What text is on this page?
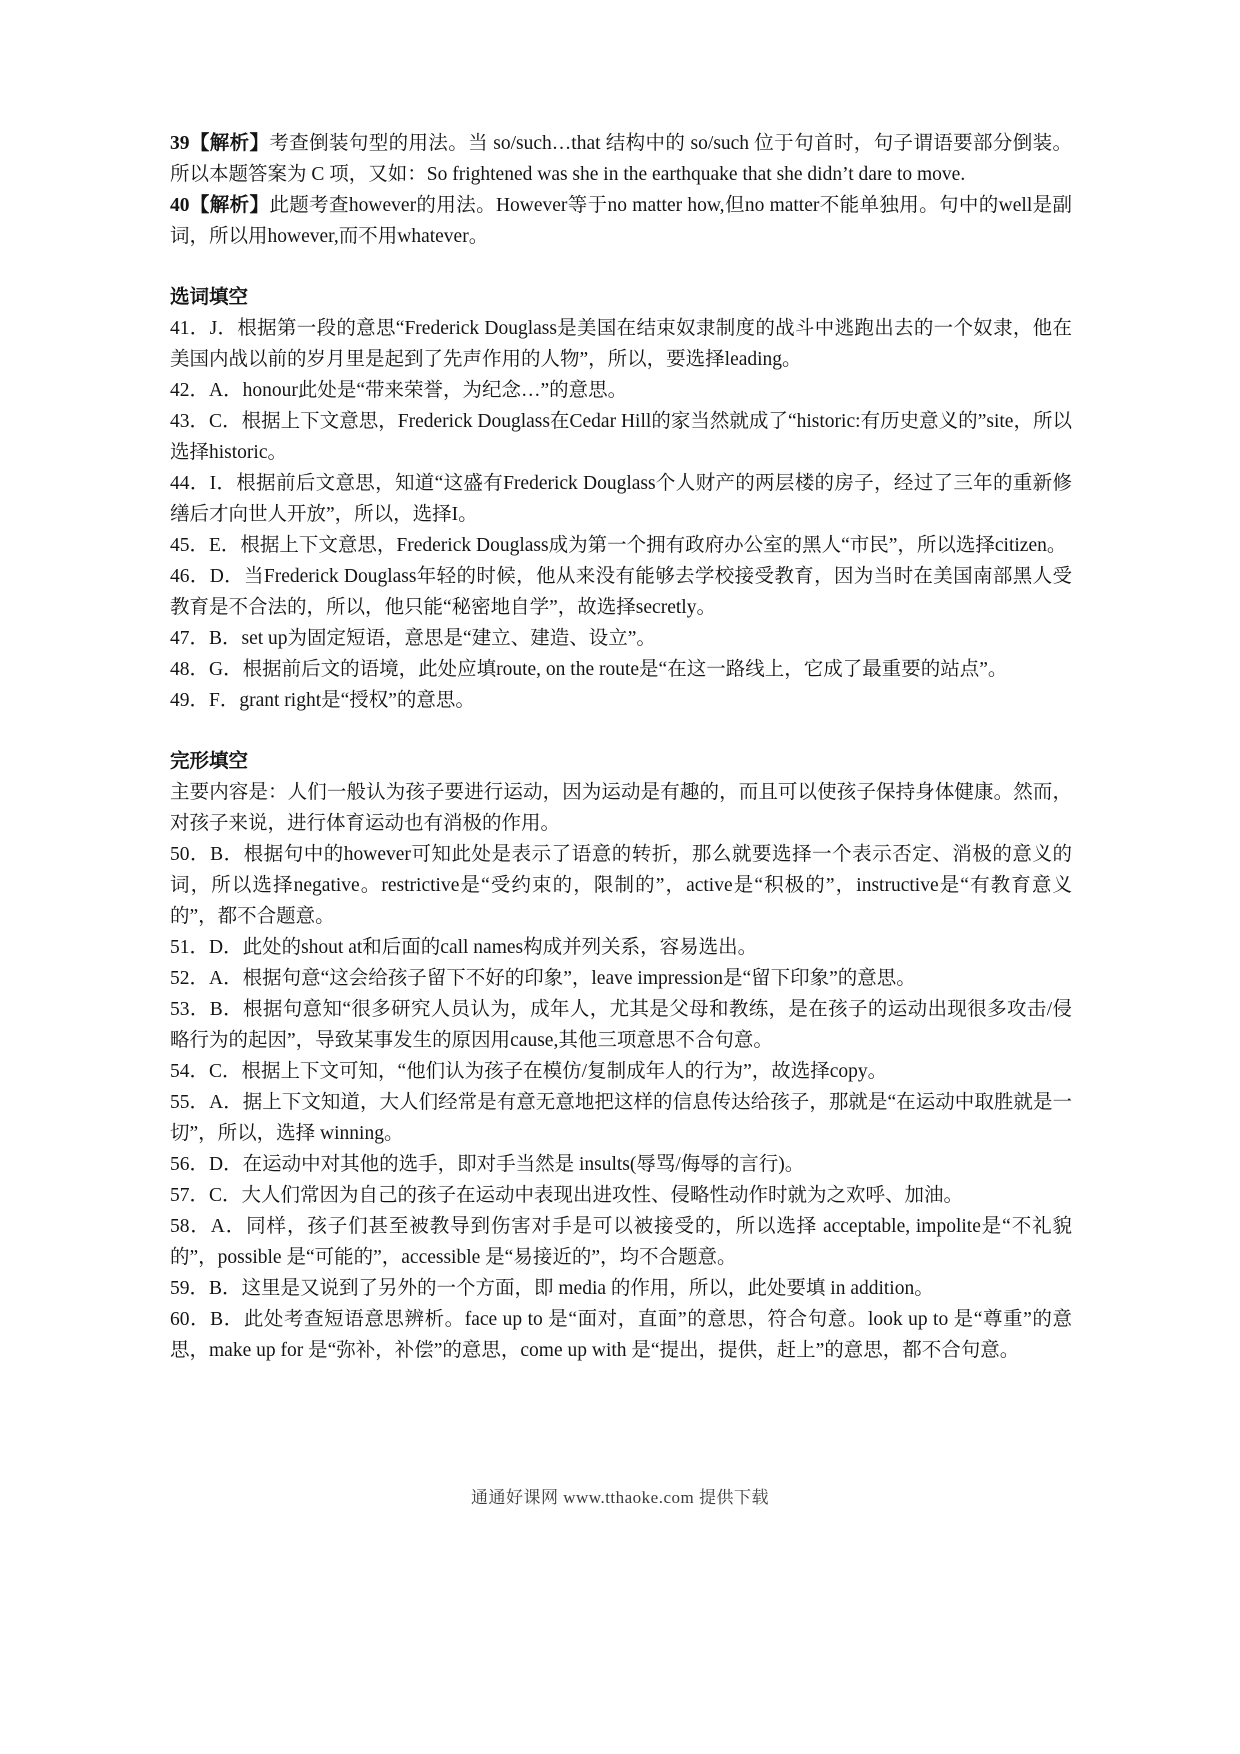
39【解析】考查倒装句型的用法。当 so/such…that 结构中的 so/such 位于句首时，句子谓语要部分倒装。所以本题答案为 C 项，又如：So frightened was she in the earthquake that she didn’t dare to move.

40【解析】此题考查however的用法。However等于no matter how,但no matter不能单独用。句中的well是副词，所以用however,而不用whatever。

选词填空

41．J．根据第一段的意思“Frederick Douglass是美国在结束奴隶制度的战斗中逃跑出去的一个奴隶，他在美国内战以前的岁月里是起到了先声作用的人物”，所以，要选择leading。

42．A．honour此处是“带来荣誉，为纪念…”的意思。

43．C．根据上下文意思，Frederick Douglass在Cedar Hill的家当然就成了“historic:有历史意义的”site，所以选择historic。

44．I．根据前后文意思，知道“这盛有Frederick Douglass个人财产的两层楼的房子，经过了三年的重新修缮后才向世人开放”，所以，选择I。

45．E．根据上下文意思，Frederick Douglass成为第一个拥有政府办公室的黑人“市民”，所以选择citizen。

46．D．当Frederick Douglass年轻的时候，他从来没有能够去学校接受教育，因为当时在美国南部黑人受教育是不合法的，所以，他只能“秘密地自学”，故选择secretly。

47．B．set up为固定短语，意思是“建立、建造、设立”。

48．G．根据前后文的语境，此处应填route, on the route是“在这一路线上，它成了最重要的站点”。

49．F．grant right是“授权”的意思。

完形填空

主要内容是：人们一般认为孩子要进行运动，因为运动是有趣的，而且可以使孩子保持身体健康。然而，对孩子来说，进行体育运动也有消极的作用。

50．B．根据句中的however可知此处是表示了语意的转折，那么就要选择一个表示否定、消极的意义的词，所以选择negative。restrictive是“受约束的，限制的”，active是“积极的”，instructive是“有教育意义的”，都不合题意。

51．D．此处的shout at和后面的call names构成并列关系，容易选出。

52．A．根据句意“这会给孩子留下不好的印象”，leave impression是“留下印象”的意思。

53．B．根据句意知“很多研究人员认为，成年人，尤其是父母和教练，是在孩子的运动出现很多攻击/侵略行为的起因”，导致某事发生的原因用cause,其他三项意思不合句意。

54．C．根据上下文可知，“他们认为孩子在模仿/复制成年人的行为”，故选择copy。

55．A．据上下文知道，大人们经常是有意无意地把这样的信息传达给孩子，那就是“在运动中取胜就是一切”，所以，选择 winning。

56．D．在运动中对其他的选手，即对手当然是 insults(辱骂/侮辱的言行)。

57．C．大人们常因为自己的孩子在运动中表现出进攻性、侵略性动作时就为之欢呼、加油。

58．A．同样，孩子们甚至被教导到伤害对手是可以被接受的，所以选择 acceptable, impolite是“不礼貌的”，possible 是“可能的”，accessible 是“易接近的”，均不合题意。

59．B．这里是又说到了另外的一个方面，即 media 的作用，所以，此处要填 in addition。

60．B．此处考查短语意思辨析。face up to 是“面对，直面”的意思，符合句意。look up to 是“尊重”的意思，make up for 是“弥补，补偿”的意思，come up with 是“提出，提供，赶上”的意思，都不合句意。

通通好课网 www.tthaoke.com 提供下载
